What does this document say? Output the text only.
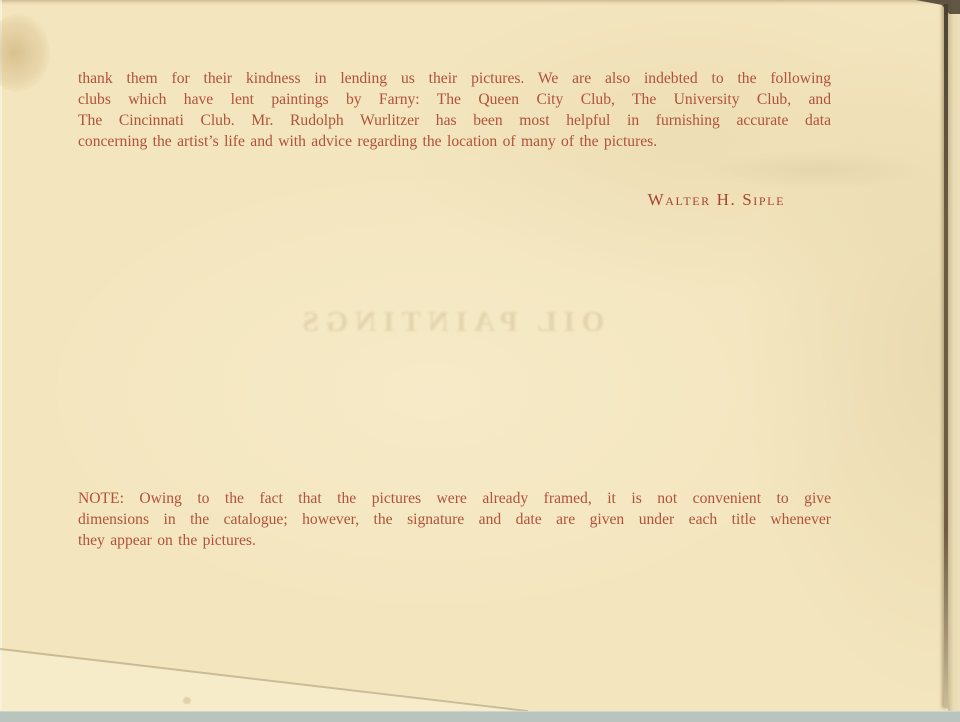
OIL PAINTINGS
thank them for their kindness in lending us their pictures. We are also indebted to the following
clubs which have lent paintings by Farny: The Queen City Club, The University Club, and
The Cincinnati Club. Mr. Rudolph Wurlitzer has been most helpful in furnishing accurate data
concerning the artist’s life and with advice regarding the location of many of the pictures.
Walter H. Siple
NOTE: Owing to the fact that the pictures were already framed, it is not convenient to give
dimensions in the catalogue; however, the signature and date are given under each title whenever
they appear on the pictures.
